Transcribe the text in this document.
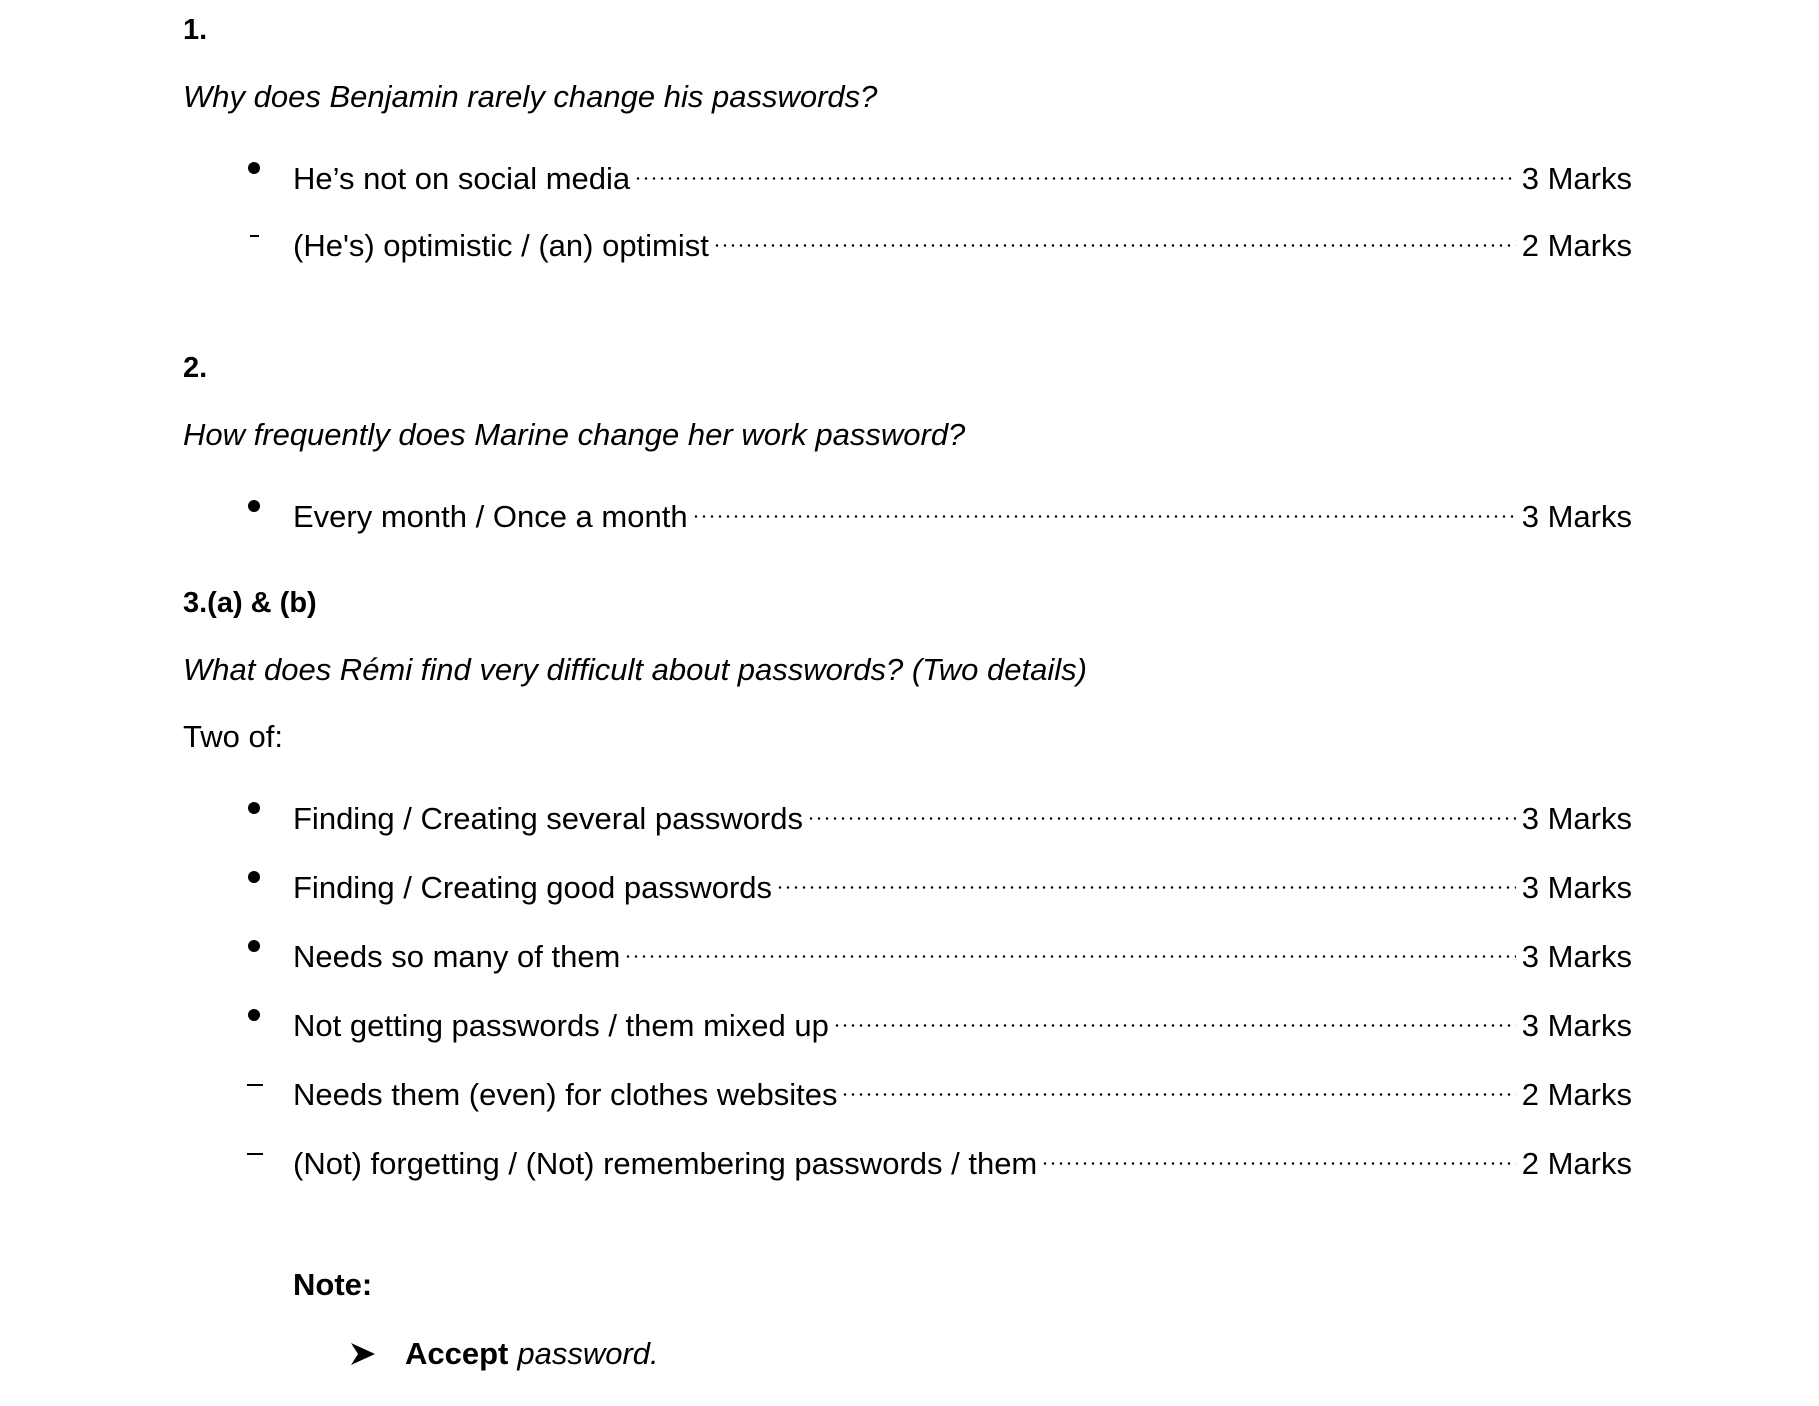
1.

Why does Benjamin rarely change his passwords?

He’s not on social media	3 Marks
(He's) optimistic / (an) optimist	2 Marks

2.

How frequently does Marine change her work password?

Every month / Once a month	3 Marks

3.(a) & (b)

What does Rémi find very difficult about passwords? (Two details)

Two of:

Finding / Creating several passwords	3 Marks
Finding / Creating good passwords	3 Marks
Needs so many of them	3 Marks
Not getting passwords / them mixed up	3 Marks
Needs them (even) for clothes websites	2 Marks
(Not) forgetting / (Not) remembering passwords / them	2 Marks

Note:

Accept password.
